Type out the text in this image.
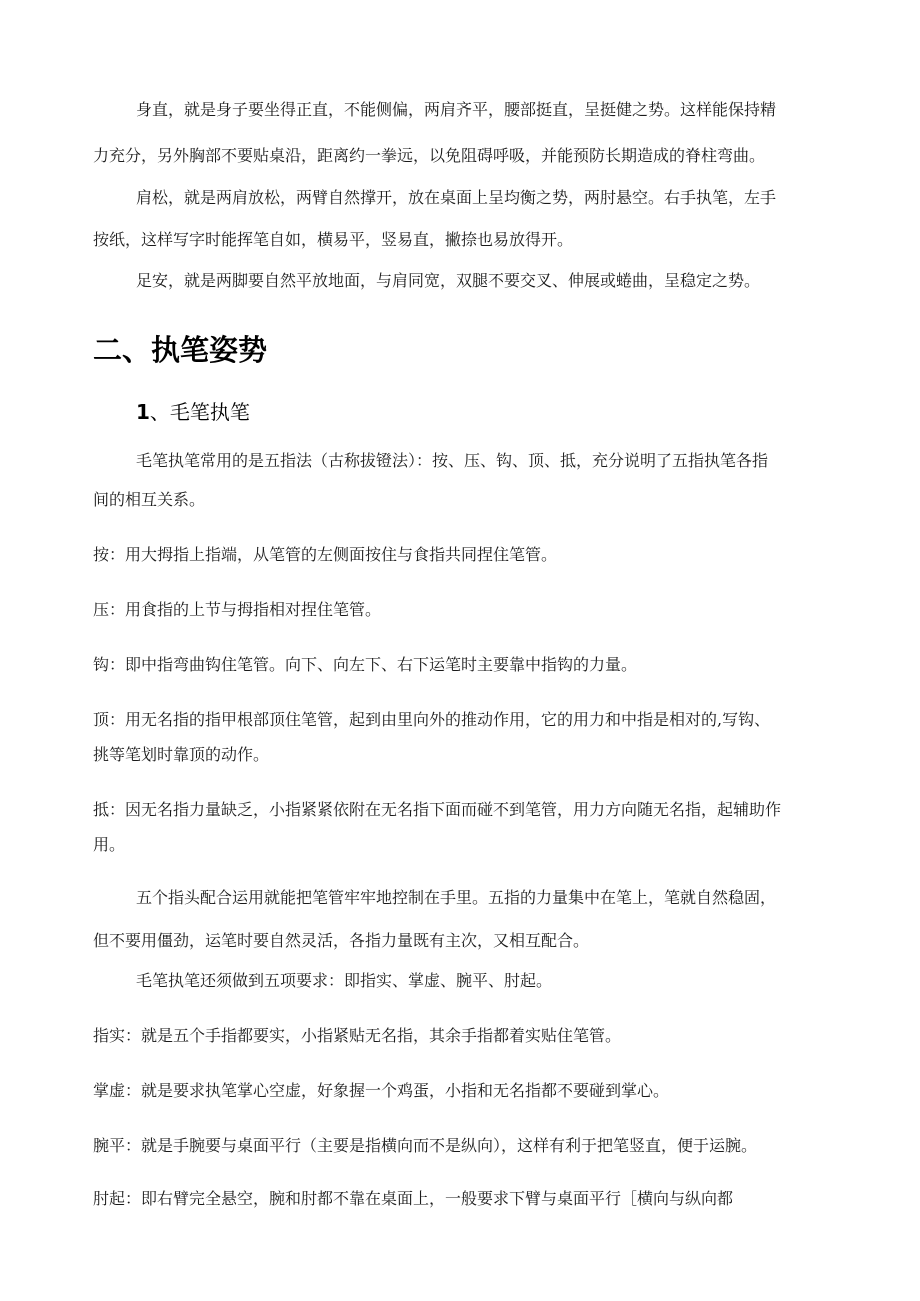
身直，就是身子要坐得正直，不能侧偏，两肩齐平，腰部挺直，呈挺健之势。这样能保持精
力充分，另外胸部不要贴桌沿，距离约一拳远，以免阻碍呼吸，并能预防长期造成的脊柱弯曲。
肩松，就是两肩放松，两臂自然撑开，放在桌面上呈均衡之势，两肘悬空。右手执笔，左手
按纸，这样写字时能挥笔自如，横易平，竖易直，撇捺也易放得开。
足安，就是两脚要自然平放地面，与肩同宽，双腿不要交叉、伸展或蜷曲，呈稳定之势。
二、执笔姿势
1、毛笔执笔
毛笔执笔常用的是五指法（古称拔镫法）：按、压、钩、顶、抵，充分说明了五指执笔各指
间的相互关系。
按：用大拇指上指端，从笔管的左侧面按住与食指共同捏住笔管。
压：用食指的上节与拇指相对捏住笔管。
钩：即中指弯曲钩住笔管。向下、向左下、右下运笔时主要靠中指钩的力量。
顶：用无名指的指甲根部顶住笔管，起到由里向外的推动作用，它的用力和中指是相对的,写钩、
挑等笔划时靠顶的动作。
抵：因无名指力量缺乏，小指紧紧依附在无名指下面而碰不到笔管，用力方向随无名指，起辅助作
用。
五个指头配合运用就能把笔管牢牢地控制在手里。五指的力量集中在笔上，笔就自然稳固，
但不要用僵劲，运笔时要自然灵活，各指力量既有主次，又相互配合。
毛笔执笔还须做到五项要求：即指实、掌虚、腕平、肘起。
指实：就是五个手指都要实，小指紧贴无名指，其余手指都着实贴住笔管。
掌虚：就是要求执笔掌心空虚，好象握一个鸡蛋，小指和无名指都不要碰到掌心。
腕平：就是手腕要与桌面平行（主要是指横向而不是纵向），这样有利于把笔竖直，便于运腕。
肘起：即右臂完全悬空，腕和肘都不靠在桌面上，一般要求下臂与桌面平行［横向与纵向都
